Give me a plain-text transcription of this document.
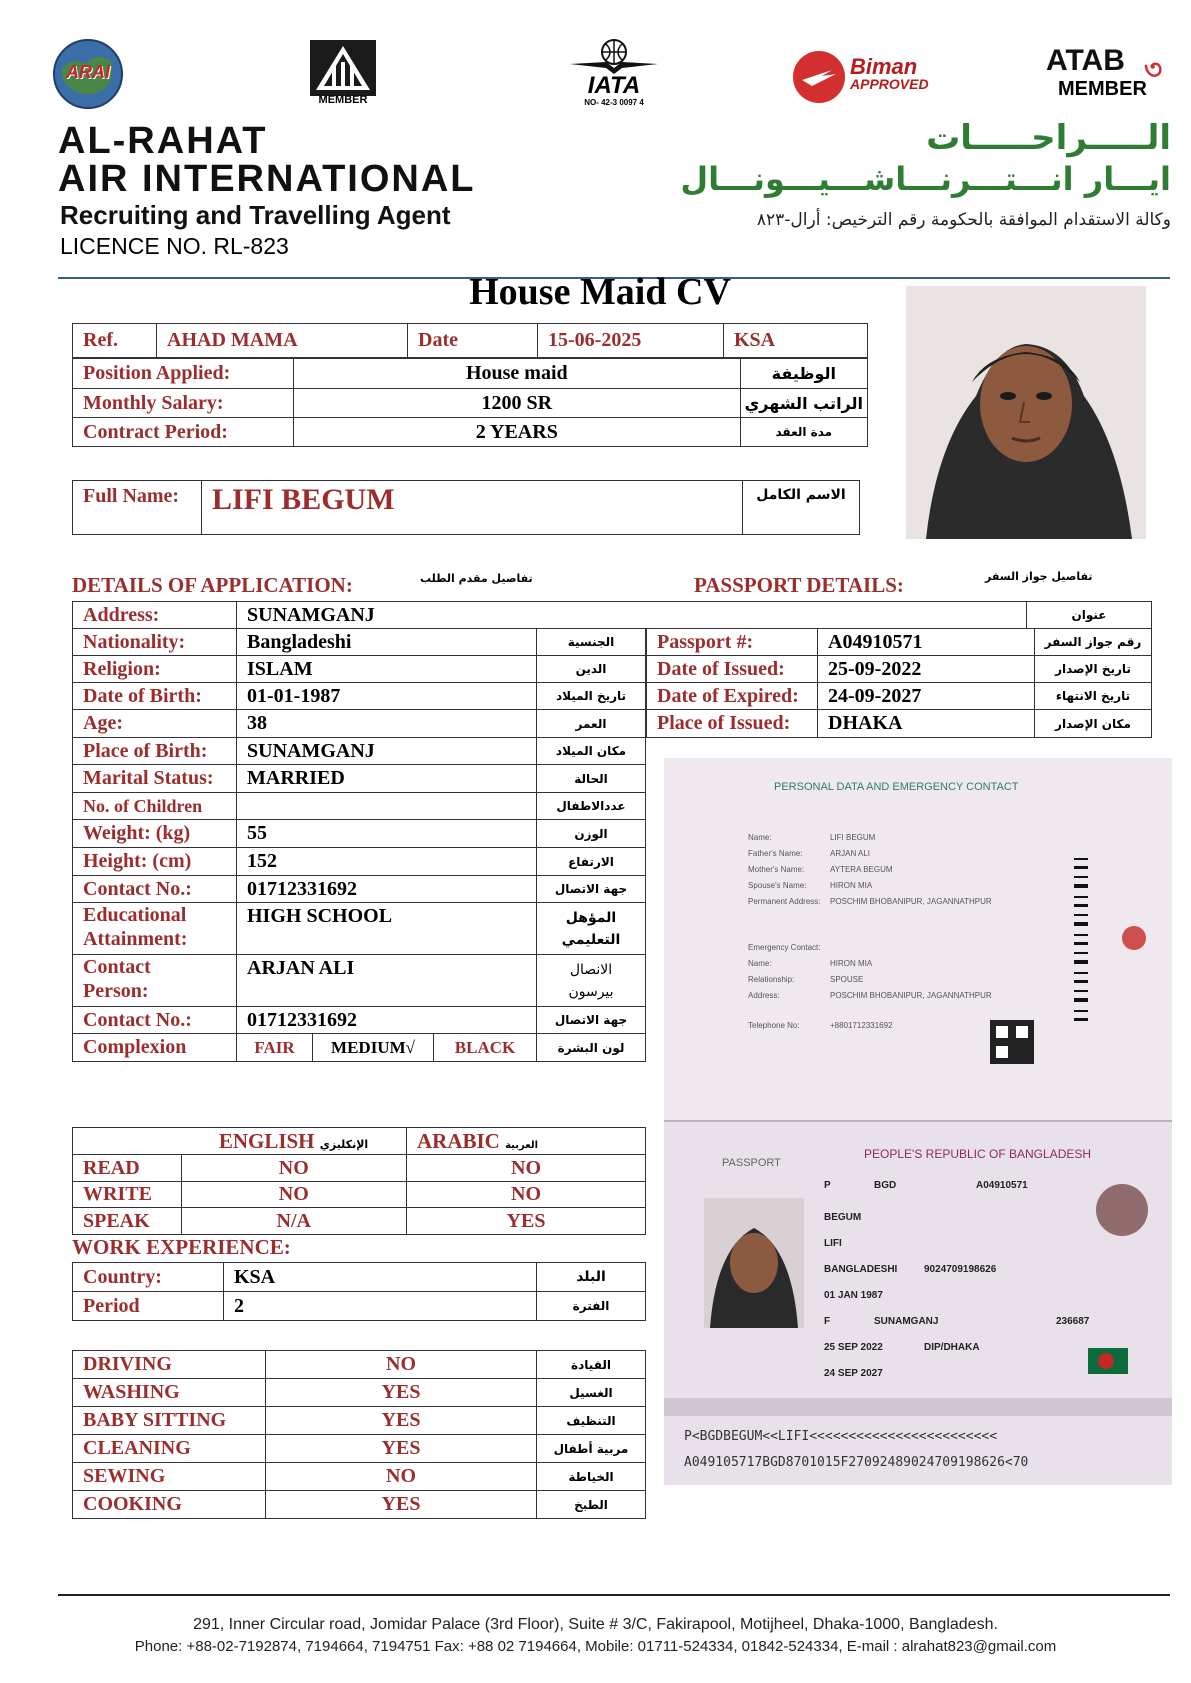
ARAI
MEMBER
IATA
NO- 42-3 0097 4
Biman
APPROVED
ATAB ৩
MEMBER
AL-RAHAT
AIR INTERNATIONAL
Recruiting and Travelling Agent
LICENCE NO. RL-823
الـــــراحـــــات
ايـــار انـــتـــرنـــاشـــيـــونـــال
وكالة الاستقدام الموافقة بالحكومة رقم الترخيص: أرال-٨٢٣
House Maid CV
Ref.	AHAD MAMA	Date	15-06-2025	KSA
Position Applied:	House maid	الوظيفة
Monthly Salary:	1200 SR	الراتب الشهري
Contract Period:	2 YEARS	مدة العقد
Full Name:	LIFI BEGUM	الاسم الكامل
DETAILS OF APPLICATION:	تفاصيل مقدم الطلب	PASSPORT DETAILS:	تفاصيل جواز السفر
Address:	SUNAMGANJ	عنوان
Nationality:	Bangladeshi			الجنسية
Religion:	ISLAM			الدين
Date of Birth:	01-01-1987			تاريخ الميلاد
Age:	38			العمر
Place of Birth:	SUNAMGANJ			مكان الميلاد
Marital Status:	MARRIED			الحالة
No. of Children				عددالاطفال
Weight: (kg)	55			الوزن
Height: (cm)	152			الارتفاع
Contact No.:	01712331692			جهة الاتصال
Educational
Attainment:	HIGH SCHOOL			المؤهل
التعليمي
Contact
Person:	ARJAN ALI			الانصال
بيرسون
Contact No.:	01712331692			جهة الاتصال
Complexion	FAIR	MEDIUM√	BLACK	لون البشرة
Passport #:	A04910571	رقم جواز السفر
Date of Issued:	25-09-2022	تاريخ الإصدار
Date of Expired:	24-09-2027	تاريخ الانتهاء
Place of Issued:	DHAKA	مكان الإصدار
PERSONAL DATA AND EMERGENCY CONTACT
Name:	LIFI BEGUM
Father's Name:	ARJAN ALI
Mother's Name:	AYTERA BEGUM
Spouse's Name:	HIRON MIA
Permanent Address: POSCHIM BHOBANIPUR, JAGANNATHPUR
Emergency Contact:
Name:	HIRON MIA
Relationship:	SPOUSE
Address:	POSCHIM BHOBANIPUR, JAGANNATHPUR
Telephone No:	+8801712331692
PASSPORT
PEOPLE'S REPUBLIC OF BANGLADESH
P	BGD	A04910571
BEGUM
LIFI
BANGLADESHI	9024709198626
01 JAN 1987
F	SUNAMGANJ	236687
25 SEP 2022	DIP/DHAKA
24 SEP 2027
P<BGDBEGUM<<LIFI<<<<<<<<<<<<<<<<<<<<<<<<
A049105717BGD8701015F27092489024709198626<70
	ENGLISH الإنكليزي	ARABIC العربية
READ	NO	NO
WRITE	NO	NO
SPEAK	N/A	YES
WORK EXPERIENCE:
Country:	KSA	البلد
Period	2	الفترة
DRIVING	NO	القيادة
WASHING	YES	الغسيل
BABY SITTING	YES	التنظيف
CLEANING	YES	مربية أطفال
SEWING	NO	الخياطة
COOKING	YES	الطبخ
291, Inner Circular road, Jomidar Palace (3rd Floor), Suite # 3/C, Fakirapool, Motijheel, Dhaka-1000, Bangladesh.
Phone: +88-02-7192874, 7194664, 7194751 Fax: +88 02 7194664, Mobile: 01711-524334, 01842-524334, E-mail : alrahat823@gmail.com
